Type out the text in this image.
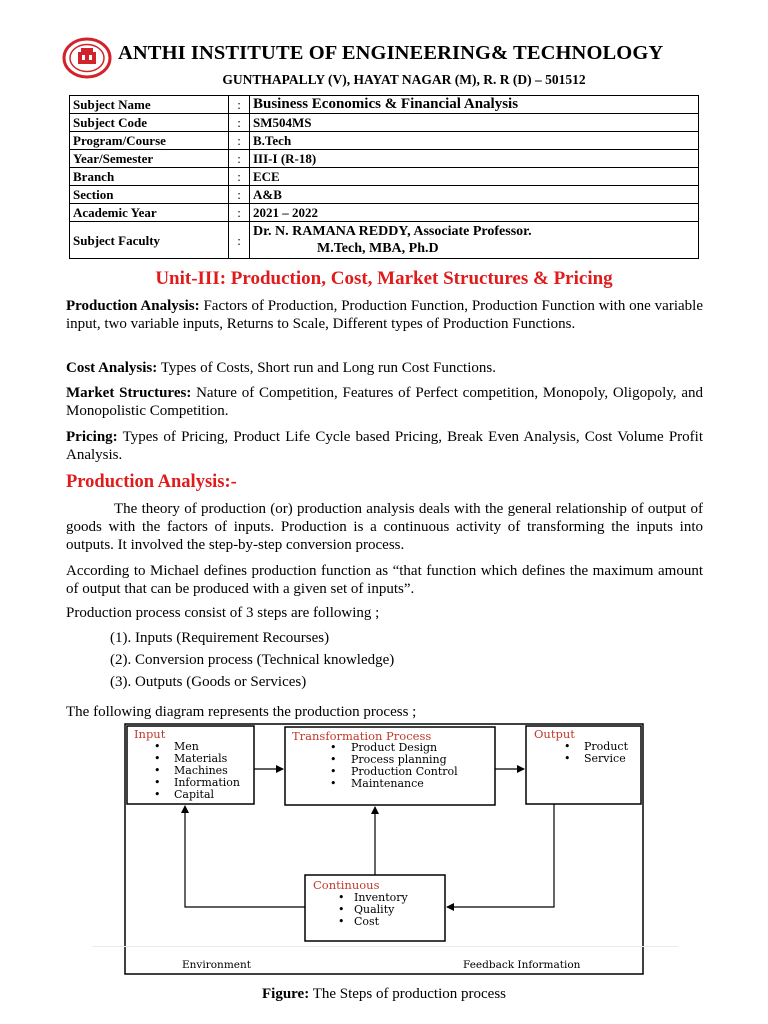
ANTHI INSTITUTE OF ENGINEERING& TECHNOLOGY
GUNTHAPALLY (V), HAYAT NAGAR (M), R. R (D) – 501512
Subject Name	:	Business Economics & Financial Analysis
Subject Code	:	SM504MS
Program/Course	:	B.Tech
Year/Semester	:	III-I (R-18)
Branch	:	ECE
Section	:	A&B
Academic Year	:	2021 – 2022
Subject Faculty	:	Dr. N. RAMANA REDDY, Associate Professor.
M.Tech, MBA, Ph.D
Unit-III: Production, Cost, Market Structures & Pricing
Production Analysis: Factors of Production, Production Function, Production Function with one variable input, two variable inputs, Returns to Scale, Different types of Production Functions.
Cost Analysis: Types of Costs, Short run and Long run Cost Functions.
Market Structures: Nature of Competition, Features of Perfect competition, Monopoly, Oligopoly, and Monopolistic Competition.
Pricing: Types of Pricing, Product Life Cycle based Pricing, Break Even Analysis, Cost Volume Profit Analysis.
Production Analysis:-
The theory of production (or) production analysis deals with the general relationship of output of goods with the factors of inputs. Production is a continuous activity of transforming the inputs into outputs. It involved the step-by-step conversion process.
According to Michael defines production function as “that function which defines the maximum amount of output that can be produced with a given set of inputs”.
Production process consist of 3 steps are following ;
(1). Inputs (Requirement Recourses)
(2). Conversion process (Technical knowledge)
(3). Outputs (Goods or Services)
The following diagram represents the production process ;
Input
• Men
• Materials
• Machines
• Information
• Capital
Transformation Process
• Product Design
• Process planning
• Production Control
• Maintenance
Output
• Product
• Service
Continuous
• Inventory
• Quality
• Cost
Environment	Feedback Information
Figure: The Steps of production process
